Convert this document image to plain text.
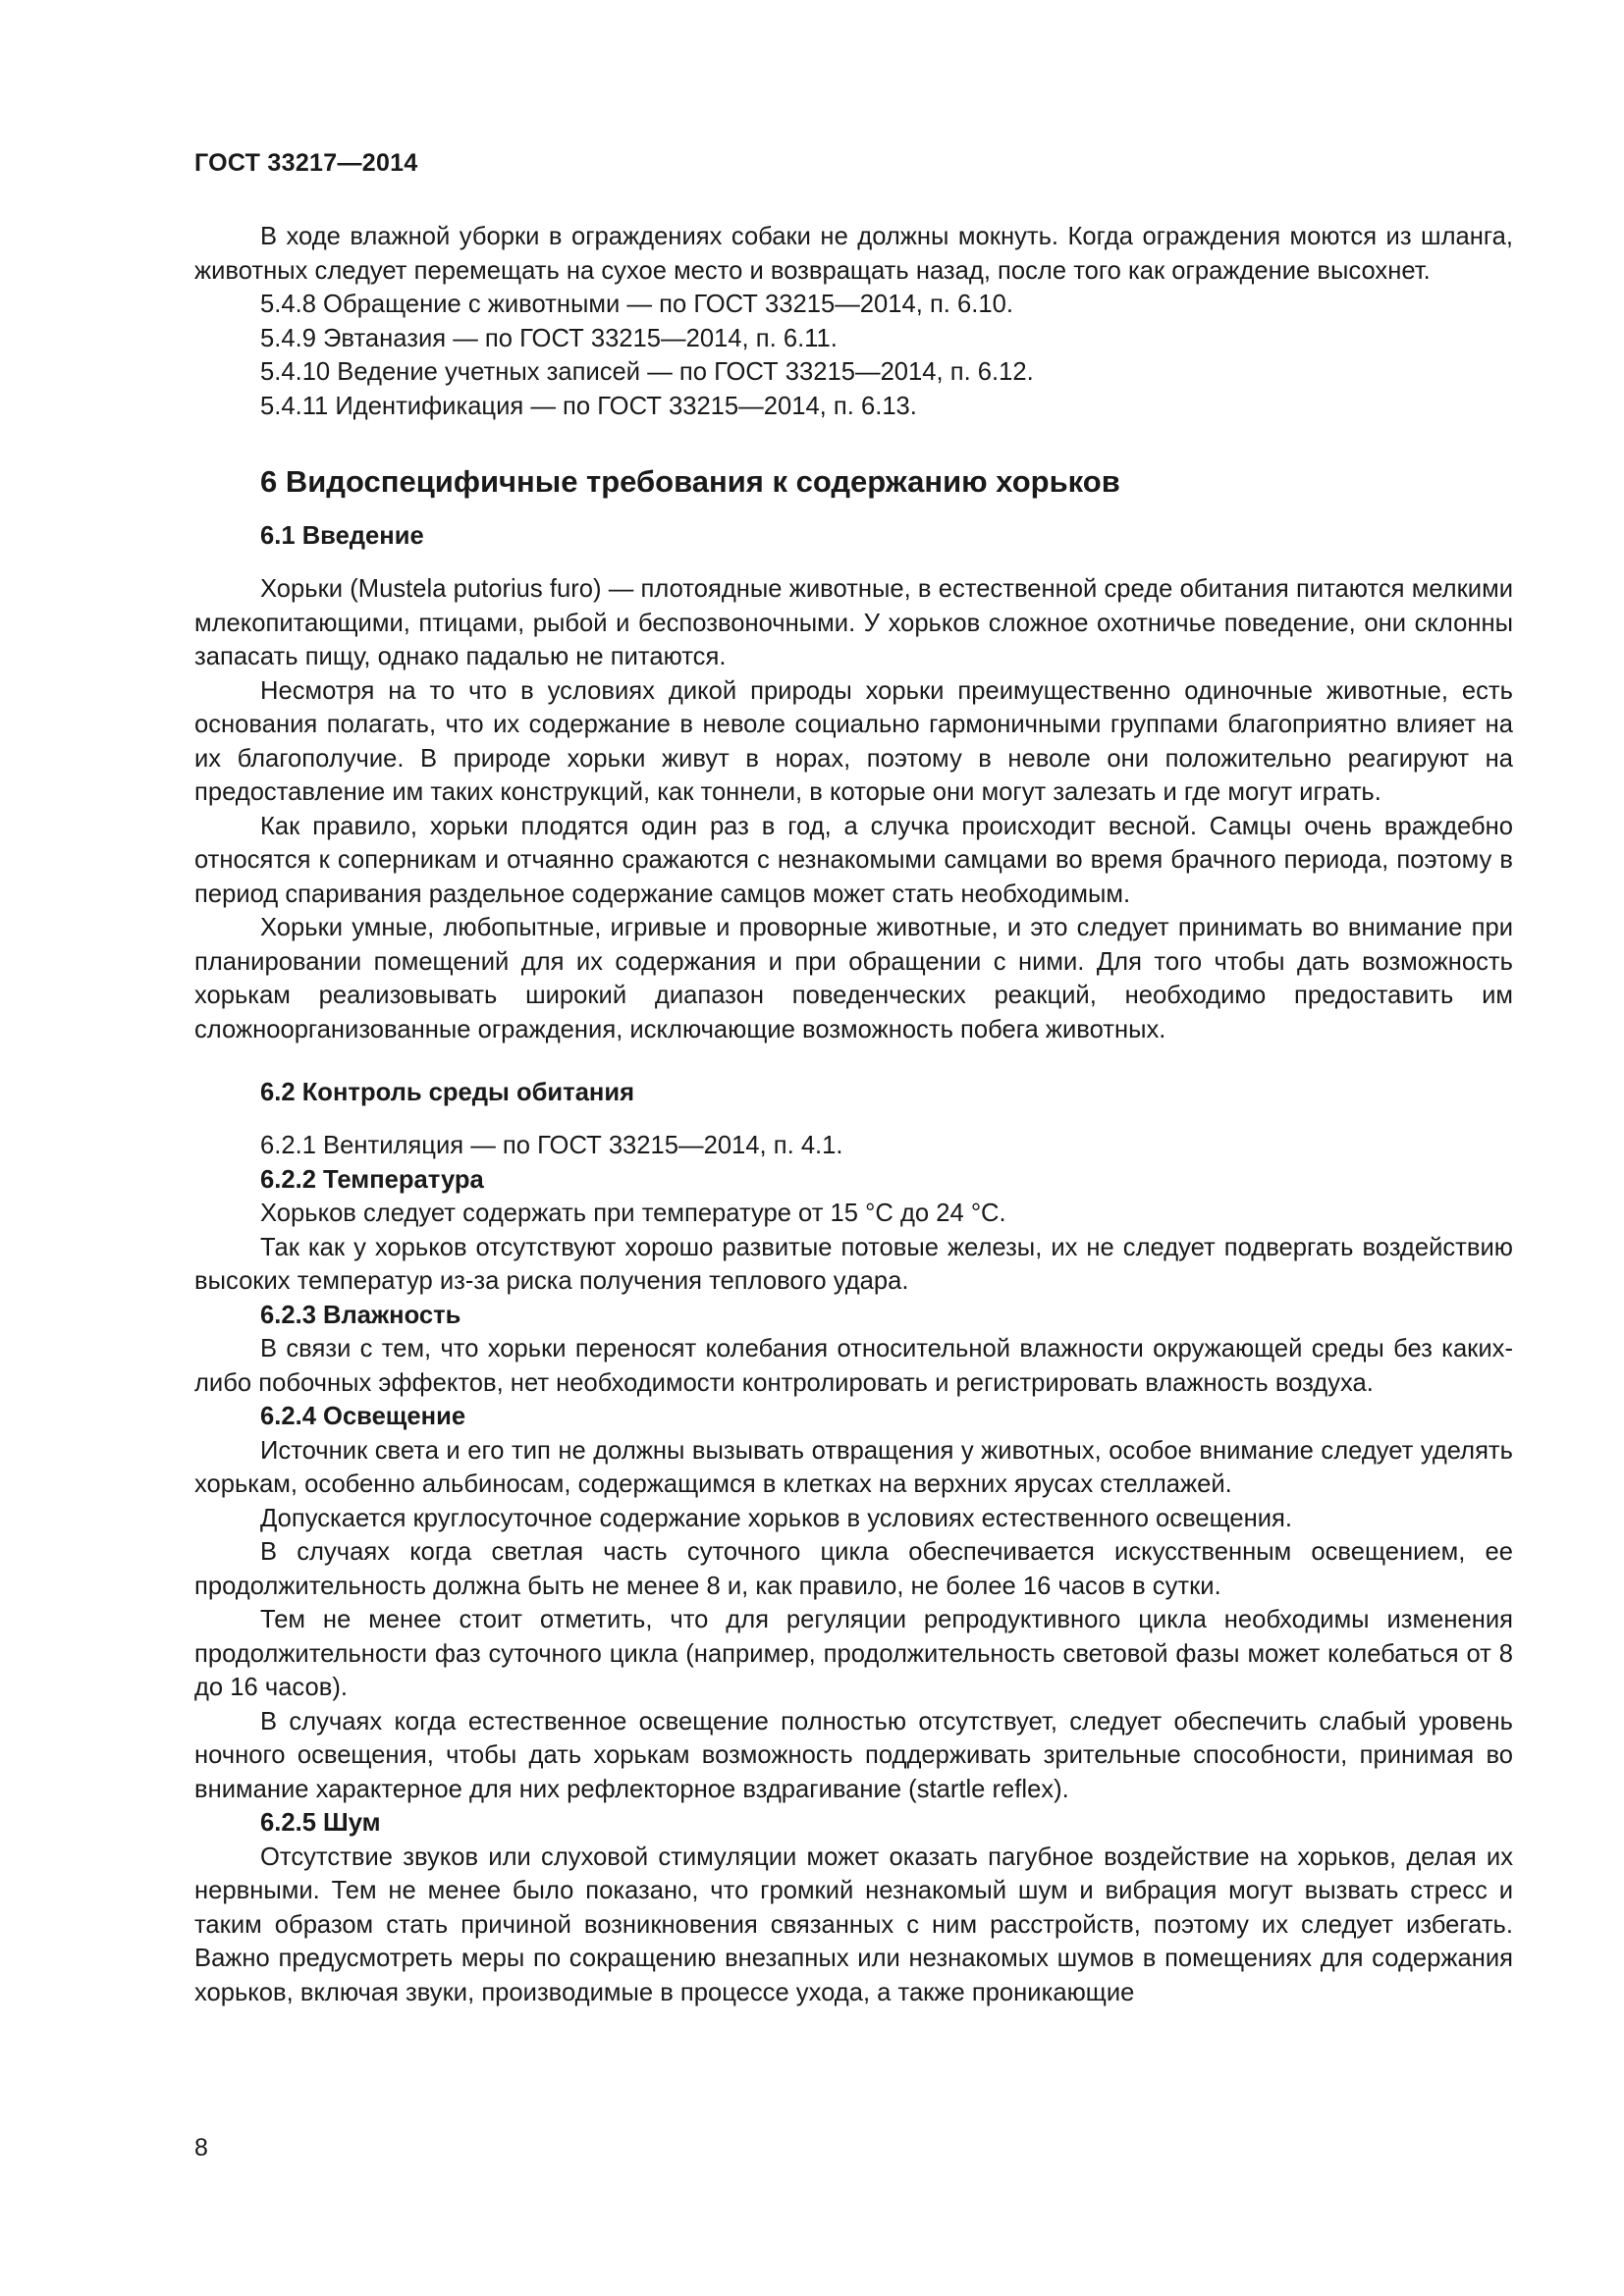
ГОСТ 33217—2014

В ходе влажной уборки в ограждениях собаки не должны мокнуть. Когда ограждения моются из шланга, животных следует перемещать на сухое место и возвращать назад, после того как ограждение высохнет.

5.4.8 Обращение с животными — по ГОСТ 33215—2014, п. 6.10.
5.4.9 Эвтаназия — по ГОСТ 33215—2014, п. 6.11.
5.4.10 Ведение учетных записей — по ГОСТ 33215—2014, п. 6.12.
5.4.11 Идентификация — по ГОСТ 33215—2014, п. 6.13.
6 Видоспецифичные требования к содержанию хорьков
6.1 Введение

Хорьки (Mustela putorius furo) — плотоядные животные, в естественной среде обитания питаются мелкими млекопитающими, птицами, рыбой и беспозвоночными. У хорьков сложное охотничье поведение, они склонны запасать пищу, однако падалью не питаются.

Несмотря на то что в условиях дикой природы хорьки преимущественно одиночные животные, есть основания полагать, что их содержание в неволе социально гармоничными группами благоприятно влияет на их благополучие. В природе хорьки живут в норах, поэтому в неволе они положительно реагируют на предоставление им таких конструкций, как тоннели, в которые они могут залезать и где могут играть.

Как правило, хорьки плодятся один раз в год, а случка происходит весной. Самцы очень враждебно относятся к соперникам и отчаянно сражаются с незнакомыми самцами во время брачного периода, поэтому в период спаривания раздельное содержание самцов может стать необходимым.

Хорьки умные, любопытные, игривые и проворные животные, и это следует принимать во внимание при планировании помещений для их содержания и при обращении с ними. Для того чтобы дать возможность хорькам реализовывать широкий диапазон поведенческих реакций, необходимо предоставить им сложноорганизованные ограждения, исключающие возможность побега животных.

6.2 Контроль среды обитания

6.2.1 Вентиляция — по ГОСТ 33215—2014, п. 4.1.

6.2.2 Температура

Хорьков следует содержать при температуре от 15 °C до 24 °C.

Так как у хорьков отсутствуют хорошо развитые потовые железы, их не следует подвергать воздействию высоких температур из-за риска получения теплового удара.

6.2.3 Влажность

В связи с тем, что хорьки переносят колебания относительной влажности окружающей среды без каких-либо побочных эффектов, нет необходимости контролировать и регистрировать влажность воздуха.

6.2.4 Освещение

Источник света и его тип не должны вызывать отвращения у животных, особое внимание следует уделять хорькам, особенно альбиносам, содержащимся в клетках на верхних ярусах стеллажей.

Допускается круглосуточное содержание хорьков в условиях естественного освещения.

В случаях когда светлая часть суточного цикла обеспечивается искусственным освещением, ее продолжительность должна быть не менее 8 и, как правило, не более 16 часов в сутки.

Тем не менее стоит отметить, что для регуляции репродуктивного цикла необходимы изменения продолжительности фаз суточного цикла (например, продолжительность световой фазы может колебаться от 8 до 16 часов).

В случаях когда естественное освещение полностью отсутствует, следует обеспечить слабый уровень ночного освещения, чтобы дать хорькам возможность поддерживать зрительные способности, принимая во внимание характерное для них рефлекторное вздрагивание (startle reflex).

6.2.5 Шум

Отсутствие звуков или слуховой стимуляции может оказать пагубное воздействие на хорьков, делая их нервными. Тем не менее было показано, что громкий незнакомый шум и вибрация могут вызвать стресс и таким образом стать причиной возникновения связанных с ним расстройств, поэтому их следует избегать. Важно предусмотреть меры по сокращению внезапных или незнакомых шумов в помещениях для содержания хорьков, включая звуки, производимые в процессе ухода, а также проникающие

8
